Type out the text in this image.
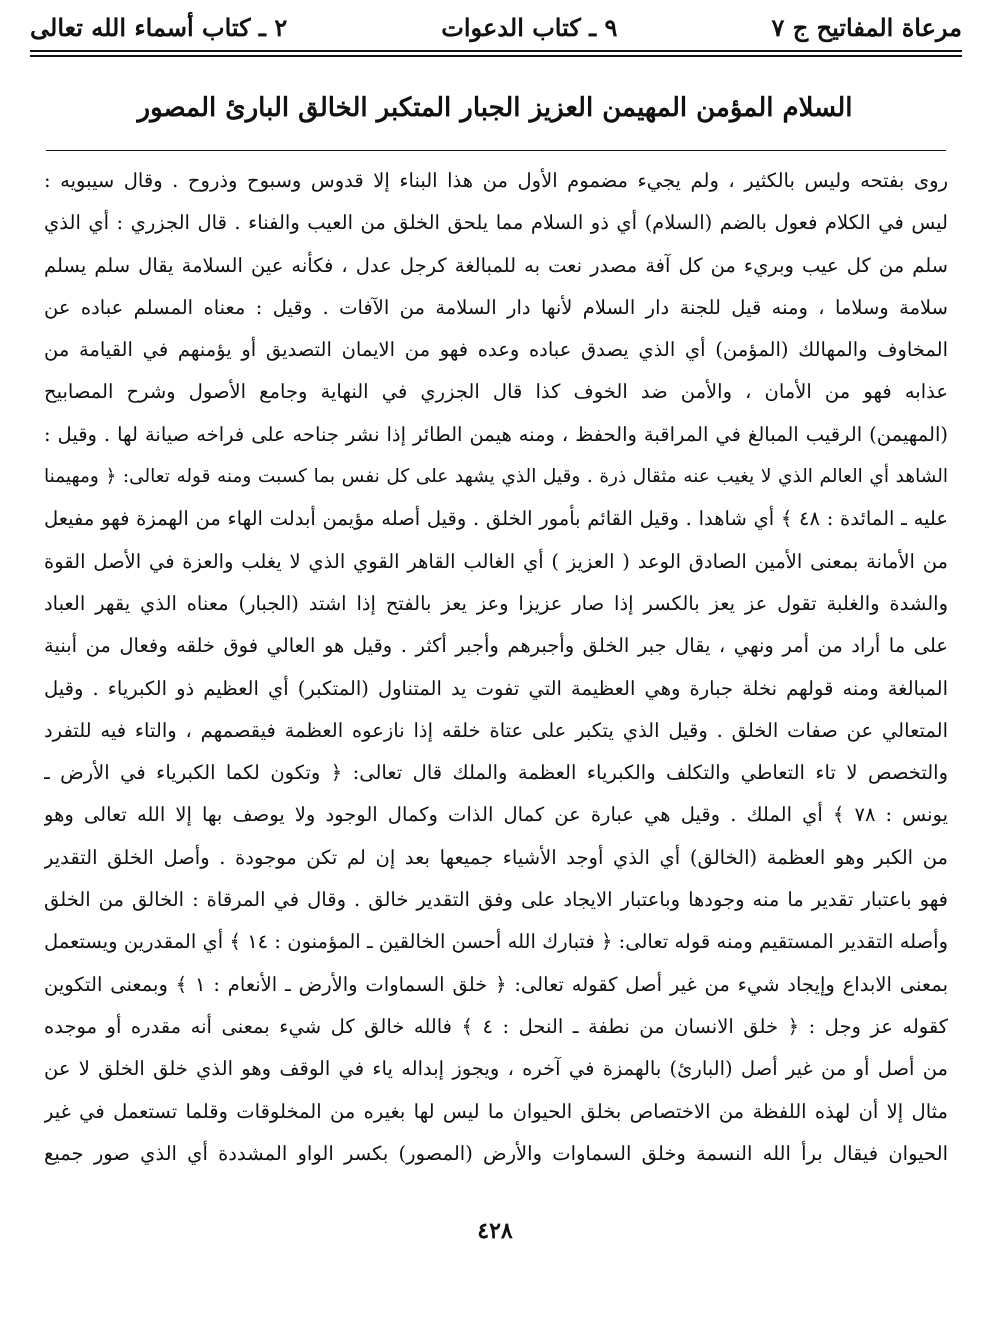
مرعاة المفاتيح ج ٧
٩ ـ كتاب الدعوات
٢ ـ كتاب أسماء الله تعالى
السلام المؤمن المهيمن العزيز الجبار المتكبر الخالق البارئ المصور
روى بفتحه وليس بالكثير ، ولم يجيء مضموم الأول من هذا البناء إلا قدوس وسبوح وذروح . وقال سيبويه :
ليس في الكلام فعول بالضم (السلام) أي ذو السلام مما يلحق الخلق من العيب والفناء . قال الجزري : أي الذي
سلم من كل عيب وبريء من كل آفة مصدر نعت به للمبالغة كرجل عدل ، فكأنه عين السلامة يقال سلم يسلم
سلامة وسلاما ، ومنه قيل للجنة دار السلام لأنها دار السلامة من الآفات . وقيل : معناه المسلم عباده عن
المخاوف والمهالك (المؤمن) أي الذي يصدق عباده وعده فهو من الايمان التصديق أو يؤمنهم في القيامة من
عذابه فهو من الأمان ، والأمن ضد الخوف كذا قال الجزري في النهاية وجامع الأصول وشرح المصابيح
(المهيمن) الرقيب المبالغ في المراقبة والحفظ ، ومنه هيمن الطائر إذا نشر جناحه على فراخه صيانة لها . وقيل :
الشاهد أي العالم الذي لا يغيب عنه مثقال ذرة . وقيل الذي يشهد على كل نفس بما كسبت ومنه قوله تعالى: ﴿ ومهيمنا
عليه ـ المائدة : ٤٨ ﴾ أي شاهدا . وقيل القائم بأمور الخلق . وقيل أصله مؤيمن أبدلت الهاء من الهمزة فهو مفيعل
من الأمانة بمعنى الأمين الصادق الوعد ( العزيز ) أي الغالب القاهر القوي الذي لا يغلب والعزة في الأصل القوة
والشدة والغلبة تقول عز يعز بالكسر إذا صار عزيزا وعز يعز بالفتح إذا اشتد (الجبار) معناه الذي يقهر العباد
على ما أراد من أمر ونهي ، يقال جبر الخلق وأجبرهم وأجبر أكثر . وقيل هو العالي فوق خلقه وفعال من أبنية
المبالغة ومنه قولهم نخلة جبارة وهي العظيمة التي تفوت يد المتناول (المتكبر) أي العظيم ذو الكبرياء . وقيل
المتعالي عن صفات الخلق . وقيل الذي يتكبر على عتاة خلقه إذا نازعوه العظمة فيقصمهم ، والتاء فيه للتفرد
والتخصص لا تاء التعاطي والتكلف والكبرياء العظمة والملك قال تعالى: ﴿ وتكون لكما الكبرياء في الأرض ـ
يونس : ٧٨ ﴾ أي الملك . وقيل هي عبارة عن كمال الذات وكمال الوجود ولا يوصف بها إلا الله تعالى وهو
من الكبر وهو العظمة (الخالق) أي الذي أوجد الأشياء جميعها بعد إن لم تكن موجودة . وأصل الخلق التقدير
فهو باعتبار تقدير ما منه وجودها وباعتبار الايجاد على وفق التقدير خالق . وقال في المرقاة : الخالق من الخلق
وأصله التقدير المستقيم ومنه قوله تعالى: ﴿ فتبارك الله أحسن الخالقين ـ المؤمنون : ١٤ ﴾ أي المقدرين ويستعمل
بمعنى الابداع وإيجاد شيء من غير أصل كقوله تعالى: ﴿ خلق السماوات والأرض ـ الأنعام : ١ ﴾ وبمعنى التكوين
كقوله عز وجل : ﴿ خلق الانسان من نطفة ـ النحل : ٤ ﴾ فالله خالق كل شيء بمعنى أنه مقدره أو موجده
من أصل أو من غير أصل (البارئ) بالهمزة في آخره ، ويجوز إبداله ياء في الوقف وهو الذي خلق الخلق لا عن
مثال إلا أن لهذه اللفظة من الاختصاص بخلق الحيوان ما ليس لها بغيره من المخلوقات وقلما تستعمل في غير
الحيوان فيقال برأ الله النسمة وخلق السماوات والأرض (المصور) بكسر الواو المشددة أي الذي صور جميع
٤٢٨
